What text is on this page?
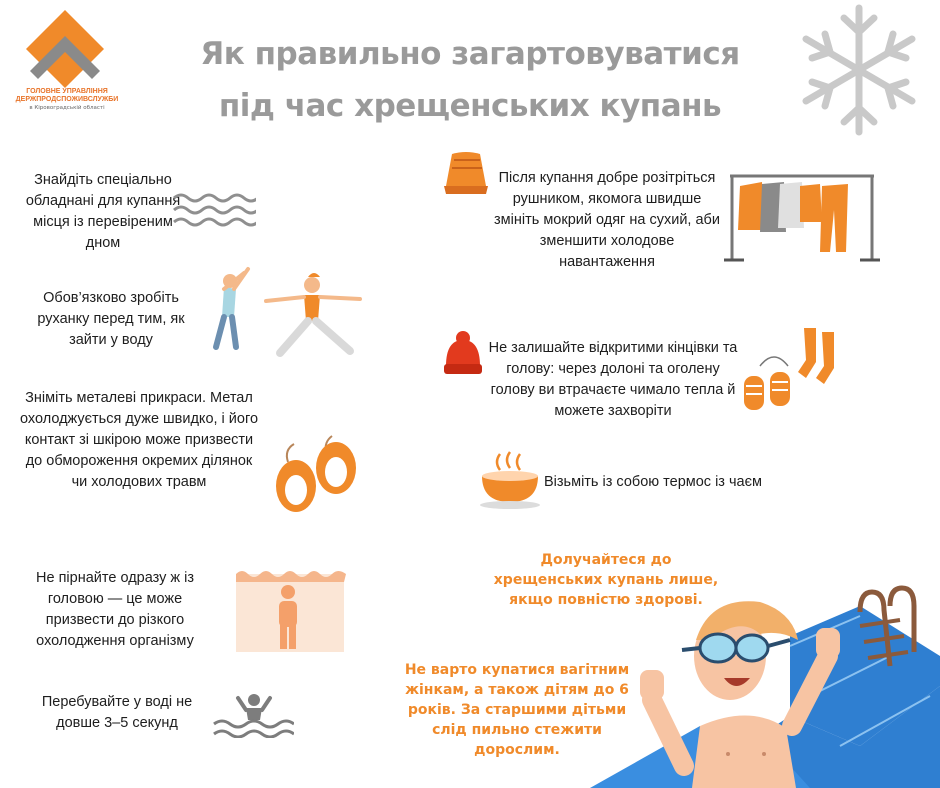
ГОЛОВНЕ УПРАВЛІННЯ ДЕРЖПРОДСПОЖИВСЛУЖБИ
в Кіровоградській області
Як правильно загартовуватися під час хрещенських купань
Знайдіть спеціально обладнані для купання місця із перевіреним дном
Обов’язково зробіть руханку перед тим, як зайти у воду
Зніміть металеві прикраси. Метал охолоджується дуже швидко, і його контакт зі шкірою може призвести до обмороження окремих ділянок чи холодових травм
Не пірнайте одразу ж із головою — це може призвести до різкого охолодження організму
Перебувайте у воді не довше 3–5 секунд
Після купання добре розітріться рушником, якомога швидше змініть мокрий одяг на сухий, аби зменшити холодове навантаження
Не залишайте відкритими кінцівки та голову: через долоні та оголену голову ви втрачаєте чимало тепла й можете захворіти
Візьміть із собою термос із чаєм
Долучайтеся до хрещенських купань лише, якщо повністю здорові.
Не варто купатися вагітним жінкам, а також дітям до 6 років. За старшими дітьми слід пильно стежити дорослим.
